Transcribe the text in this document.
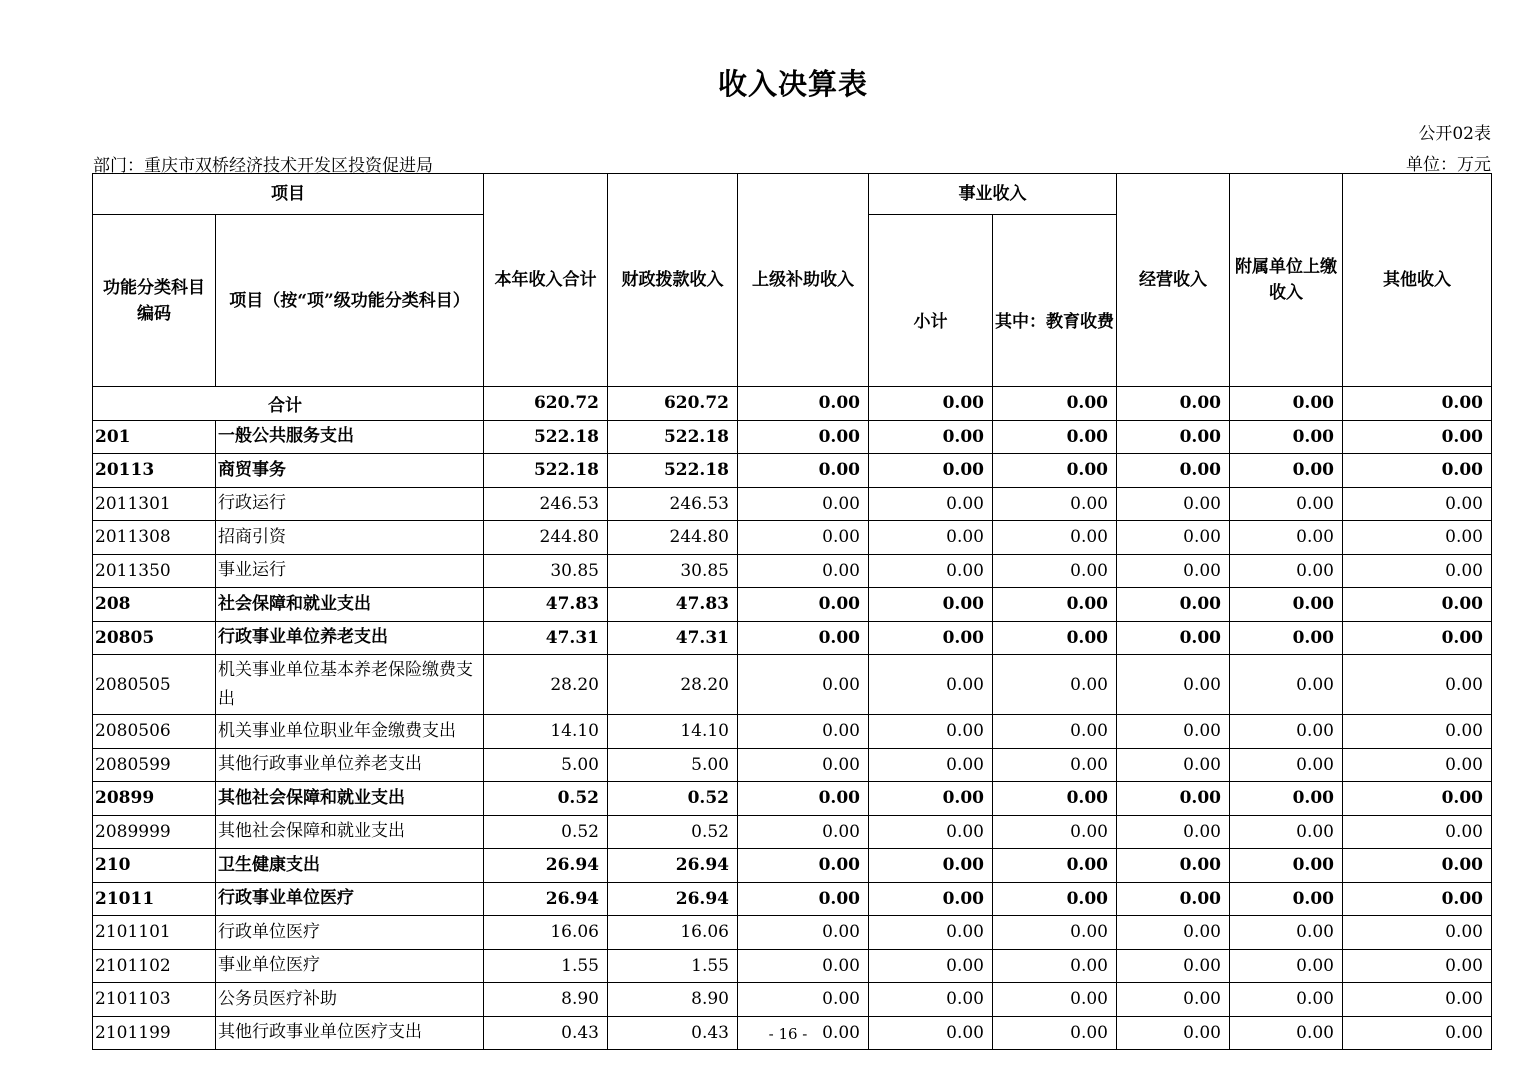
收入决算表
公开02表
部门：重庆市双桥经济技术开发区投资促进局	单位：万元
项目		本年收入合计	财政拨款收入	上级补助收入	事业收入		经营收入	附属单位上缴收入	其他收入
功能分类科目编码	项目（按“项”级功能分类科目）				小计	其中：教育收费			
合计		620.72	620.72	0.00	0.00	0.00	0.00	0.00	0.00
201	一般公共服务支出	522.18	522.18	0.00	0.00	0.00	0.00	0.00	0.00
20113	商贸事务	522.18	522.18	0.00	0.00	0.00	0.00	0.00	0.00
2011301	行政运行	246.53	246.53	0.00	0.00	0.00	0.00	0.00	0.00
2011308	招商引资	244.80	244.80	0.00	0.00	0.00	0.00	0.00	0.00
2011350	事业运行	30.85	30.85	0.00	0.00	0.00	0.00	0.00	0.00
208	社会保障和就业支出	47.83	47.83	0.00	0.00	0.00	0.00	0.00	0.00
20805	行政事业单位养老支出	47.31	47.31	0.00	0.00	0.00	0.00	0.00	0.00
2080505	机关事业单位基本养老保险缴费支出	28.20	28.20	0.00	0.00	0.00	0.00	0.00	0.00
2080506	机关事业单位职业年金缴费支出	14.10	14.10	0.00	0.00	0.00	0.00	0.00	0.00
2080599	其他行政事业单位养老支出	5.00	5.00	0.00	0.00	0.00	0.00	0.00	0.00
20899	其他社会保障和就业支出	0.52	0.52	0.00	0.00	0.00	0.00	0.00	0.00
2089999	其他社会保障和就业支出	0.52	0.52	0.00	0.00	0.00	0.00	0.00	0.00
210	卫生健康支出	26.94	26.94	0.00	0.00	0.00	0.00	0.00	0.00
21011	行政事业单位医疗	26.94	26.94	0.00	0.00	0.00	0.00	0.00	0.00
2101101	行政单位医疗	16.06	16.06	0.00	0.00	0.00	0.00	0.00	0.00
2101102	事业单位医疗	1.55	1.55	0.00	0.00	0.00	0.00	0.00	0.00
2101103	公务员医疗补助	8.90	8.90	0.00	0.00	0.00	0.00	0.00	0.00
2101199	其他行政事业单位医疗支出	0.43	0.43	0.00	0.00	0.00	0.00	0.00	0.00
- 16 -
